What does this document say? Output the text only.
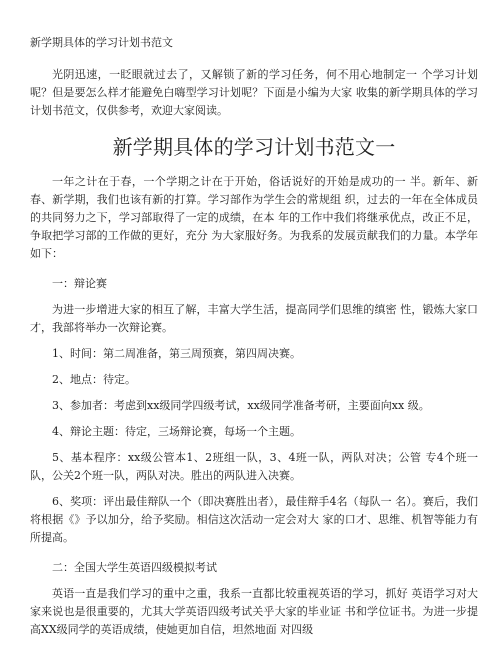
新学期具体的学习计划书范文
光阴迅速，一眨眼就过去了，又解锁了新的学习任务，何不用心地制定一 个学习计划呢？但是要怎么样才能避免白嗨型学习计划呢？下面是小编为大家 收集的新学期具体的学习计划书范文，仅供参考，欢迎大家阅读。
新学期具体的学习计划书范文一
一年之计在于春，一个学期之计在于开始，俗话说好的开始是成功的一 半。新年、新春、新学期，我们也该有新的打算。学习部作为学生会的常规组 织，过去的一年在全体成员的共同努力之下，学习部取得了一定的成绩，在本 年的工作中我们将继承优点，改正不足，争取把学习部的工作做的更好，充分 为大家服好务。为我系的发展贡献我们的力量。本学年如下：
一：辩论赛
为进一步增进大家的相互了解，丰富大学生活，提高同学们思维的缜密 性，锻炼大家口才，我部将举办一次辩论赛。
1、时间：第二周准备，第三周预赛，第四周决赛。
2、地点：待定。
3、参加者：考虑到xx级同学四级考试，xx级同学准备考研，主要面向xx 级。
4、辩论主题：待定，三场辩论赛，每场一个主题。
5、基本程序：xx级公管本1、2班组一队，3、4班一队，两队对决；公管 专4个班一队，公关2个班一队，两队对决。胜出的两队进入决赛。
6、奖项：评出最佳辩队一个（即决赛胜出者），最佳辩手4名（每队一 名）。赛后，我们将根据《》予以加分，给予奖励。相信这次活动一定会对大 家的口才、思维、机智等能力有所提高。
二：全国大学生英语四级模拟考试
英语一直是我们学习的重中之重，我系一直都比较重视英语的学习，抓好 英语学习对大家来说也是很重要的，尤其大学英语四级考试关乎大家的毕业证 书和学位证书。为进一步提高XX级同学的英语成绩，使她更加自信，坦然地面 对四级
